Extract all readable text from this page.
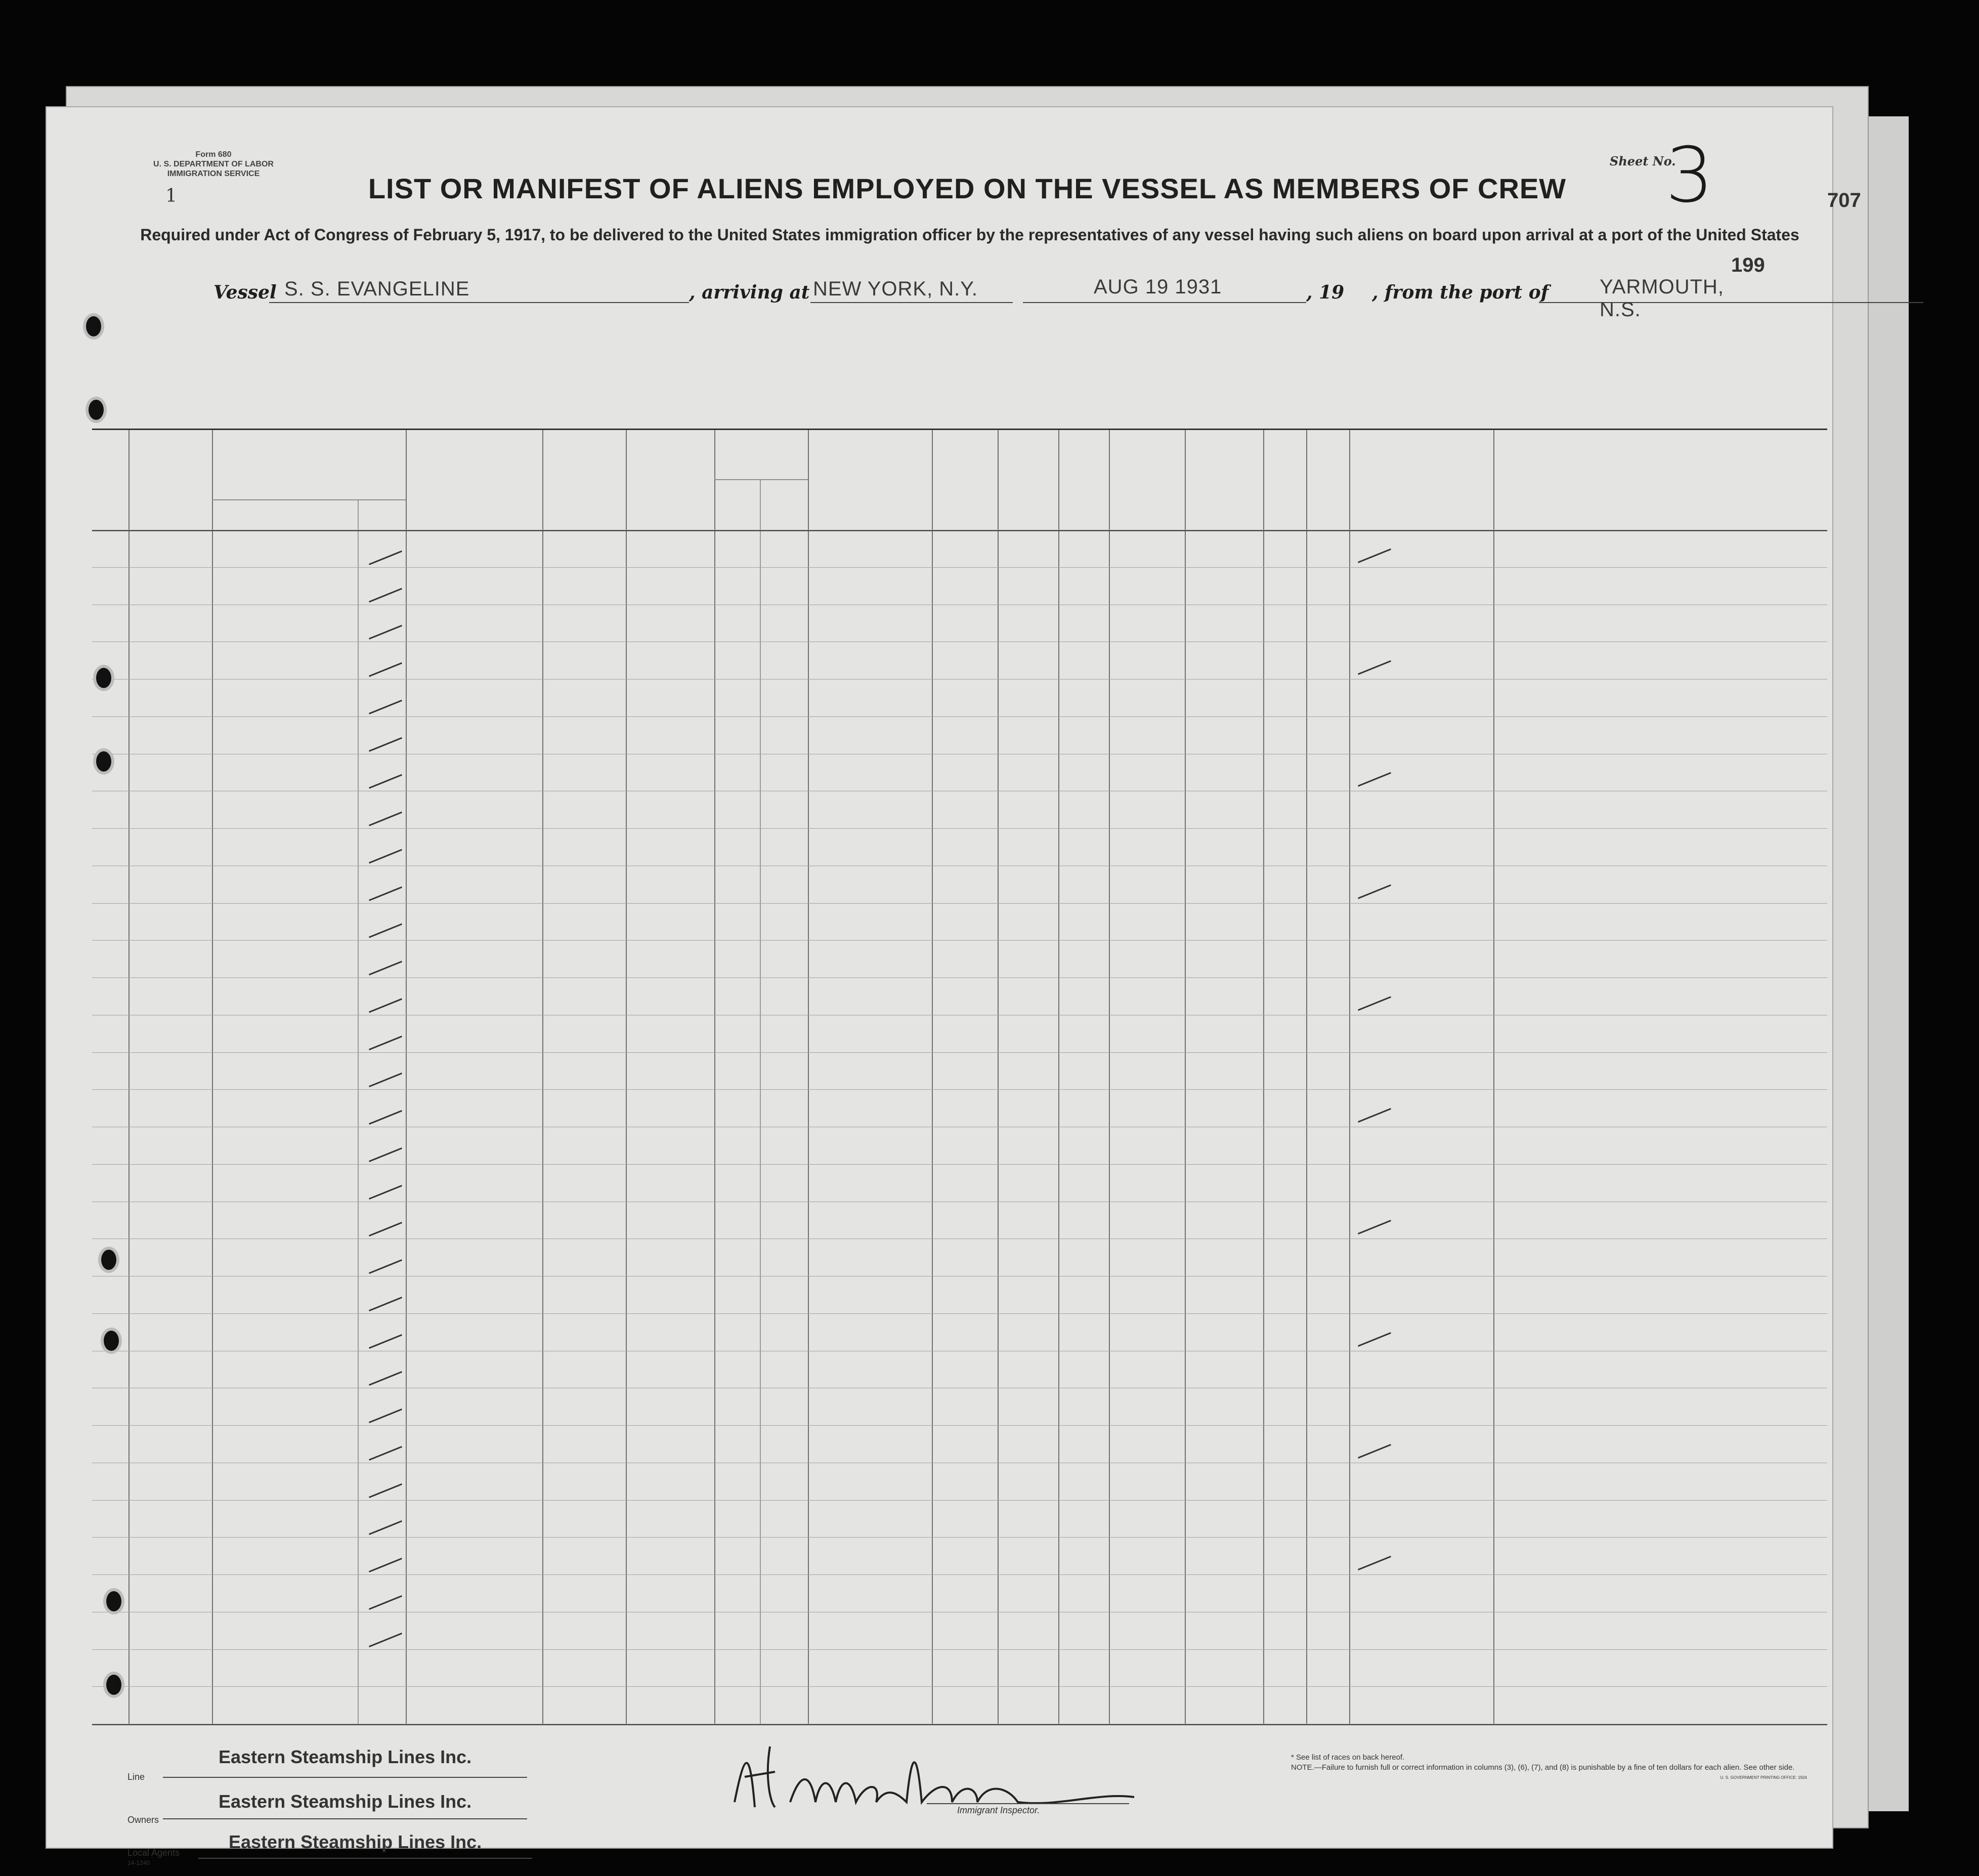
Form 680
U. S. DEPARTMENT OF LABOR
IMMIGRATION SERVICE
1	LIST OR MANIFEST OF ALIENS EMPLOYED ON THE VESSEL AS MEMBERS OF CREW
Required under Act of Congress of February 5, 1917, to be delivered to the United States immigration officer by the representatives of any vessel having such aliens on board upon arrival at a port of the United States
Sheet No.
3
199
707
Vessel S. S. EVANGELINE	, arriving at NEW YORK, N.Y.	AUG 19 1931	, 19 , from the port of	YARMOUTH, N.S.
Line
Eastern Steamship Lines Inc.
Owners
Eastern Steamship Lines Inc.
Local Agents
14-1240
Eastern Steamship Lines Inc.
H. A. Malone	Immigrant Inspector.
* See list of races on back hereof.
NOTE.—Failure to furnish full or correct information in columns (3), (6), (7), and (8) is punishable by a fine of ten dollars for each alien. See other side.
U. S. GOVERNMENT PRINTING OFFICE: 1924
